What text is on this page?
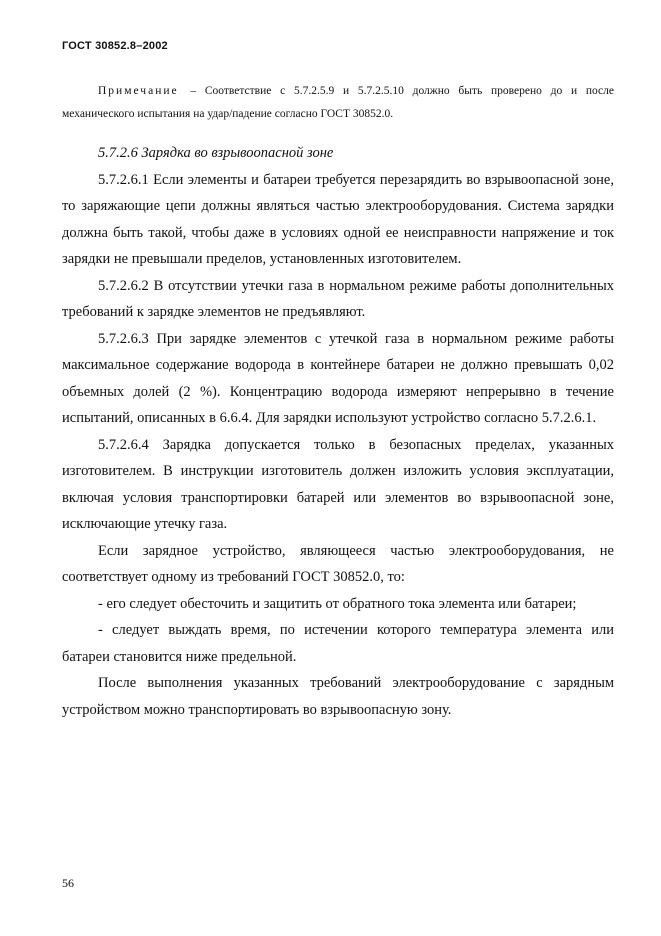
ГОСТ 30852.8–2002
Примечание – Соответствие с 5.7.2.5.9 и 5.7.2.5.10 должно быть проверено до и после механического испытания на удар/падение согласно ГОСТ 30852.0.

5.7.2.6 Зарядка во взрывоопасной зоне

5.7.2.6.1 Если элементы и батареи требуется перезарядить во взрывоопасной зоне, то заряжающие цепи должны являться частью электрооборудования. Система зарядки должна быть такой, чтобы даже в условиях одной ее неисправности напряжение и ток зарядки не превышали пределов, установленных изготовителем.

5.7.2.6.2 В отсутствии утечки газа в нормальном режиме работы дополнительных требований к зарядке элементов не предъявляют.

5.7.2.6.3 При зарядке элементов с утечкой газа в нормальном режиме работы максимальное содержание водорода в контейнере батареи не должно превышать 0,02 объемных долей (2 %). Концентрацию водорода измеряют непрерывно в течение испытаний, описанных в 6.6.4. Для зарядки используют устройство согласно 5.7.2.6.1.

5.7.2.6.4 Зарядка допускается только в безопасных пределах, указанных изготовителем. В инструкции изготовитель должен изложить условия эксплуатации, включая условия транспортировки батарей или элементов во взрывоопасной зоне, исключающие утечку газа.

Если зарядное устройство, являющееся частью электрооборудования, не соответствует одному из требований ГОСТ 30852.0, то:

- его следует обесточить и защитить от обратного тока элемента или батареи;

- следует выждать время, по истечении которого температура элемента или батареи становится ниже предельной.

После выполнения указанных требований электрооборудование с зарядным устройством можно транспортировать во взрывоопасную зону.

56
